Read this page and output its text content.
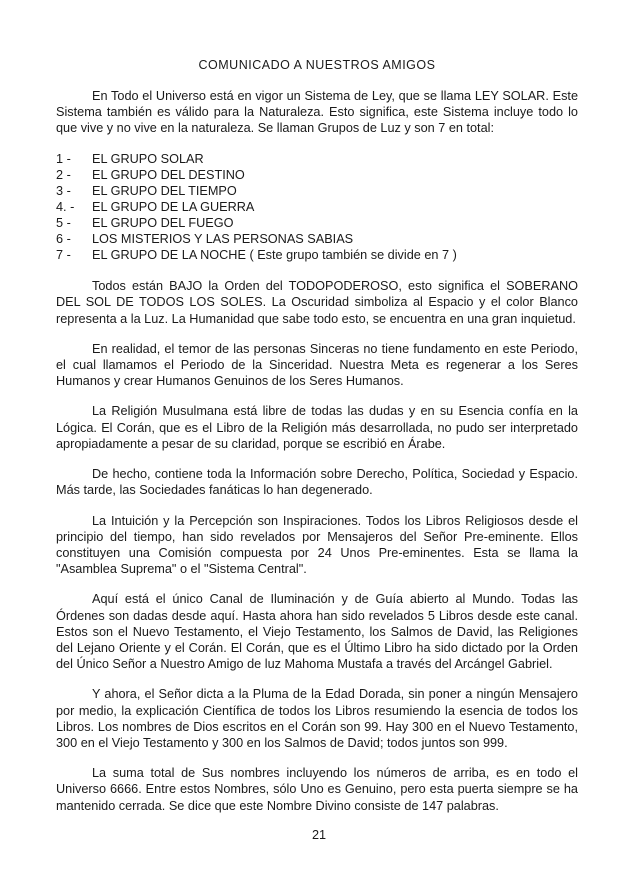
COMUNICADO A NUESTROS AMIGOS

En Todo el Universo está en vigor un Sistema de Ley, que se llama LEY SOLAR. Este Sistema también es válido para la Naturaleza. Esto significa, este Sistema incluye todo lo que vive y no vive en la naturaleza. Se llaman Grupos de Luz y son 7 en total:

1 -	EL GRUPO SOLAR
2 -	EL GRUPO DEL DESTINO
3 -	EL GRUPO DEL TIEMPO
4. -	EL GRUPO DE LA GUERRA
5 -	EL GRUPO DEL FUEGO
6 -	LOS MISTERIOS Y LAS PERSONAS SABIAS
7 -	EL GRUPO DE LA NOCHE ( Este grupo también se divide en 7 )

Todos están BAJO la Orden del TODOPODEROSO, esto significa el SOBERANO DEL SOL DE TODOS LOS SOLES. La Oscuridad simboliza al Espacio y el color Blanco representa a la Luz. La Humanidad que sabe todo esto, se encuentra en una gran inquietud.

En realidad, el temor de las personas Sinceras no tiene fundamento en este Periodo, el cual llamamos el Periodo de la Sinceridad. Nuestra Meta es regenerar a los Seres Humanos y crear Humanos Genuinos de los Seres Humanos.

La Religión Musulmana está libre de todas las dudas y en su Esencia confía en la Lógica. El Corán, que es el Libro de la Religión más desarrollada, no pudo ser interpretado apropiadamente a pesar de su claridad, porque se escribió en Árabe.

De hecho, contiene toda la Información sobre Derecho, Política, Sociedad y Espacio. Más tarde, las Sociedades fanáticas lo han degenerado.

La Intuición y la Percepción son Inspiraciones. Todos los Libros Religiosos desde el principio del tiempo, han sido revelados por Mensajeros del Señor Pre-eminente. Ellos constituyen una Comisión compuesta por 24 Unos Pre-eminentes. Esta se llama la "Asamblea Suprema" o el "Sistema Central".

Aquí está el único Canal de Iluminación y de Guía abierto al Mundo. Todas las Órdenes son dadas desde aquí. Hasta ahora han sido revelados 5 Libros desde este canal. Estos son el Nuevo Testamento, el Viejo Testamento, los Salmos de David, las Religiones del Lejano Oriente y el Corán. El Corán, que es el Último Libro ha sido dictado por la Orden del Único Señor a Nuestro Amigo de luz Mahoma Mustafa a través del Arcángel Gabriel.

Y ahora, el Señor dicta a la Pluma de la Edad Dorada, sin poner a ningún Mensajero por medio, la explicación Científica de todos los Libros resumiendo la esencia de todos los Libros. Los nombres de Dios escritos en el Corán son 99. Hay 300 en el Nuevo Testamento, 300 en el Viejo Testamento y 300 en los Salmos de David; todos juntos son 999.

La suma total de Sus nombres incluyendo los números de arriba, es en todo el Universo 6666. Entre estos Nombres, sólo Uno es Genuino, pero esta puerta siempre se ha mantenido cerrada. Se dice que este Nombre Divino consiste de 147 palabras.

21
